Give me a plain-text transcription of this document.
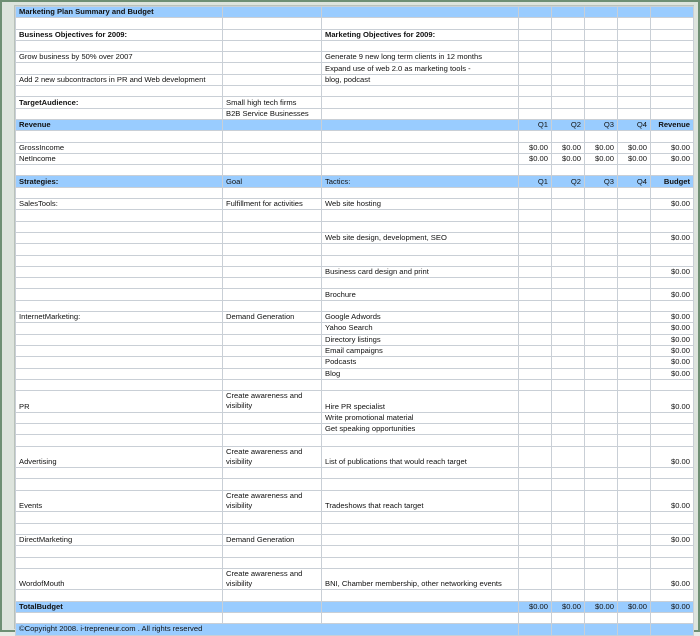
Marketing Plan Summary and Budget							

Business Objectives for 2009:		Marketing Objectives for 2009:					

Grow business by 50% over 2007		Generate 9 new long term clients in 12 months					
		Expand use of web 2.0 as marketing tools -					
Add 2 new subcontractors in PR and Web development		blog, podcast					

TargetAudience:	Small high tech firms						
	B2B Service Businesses						
Revenue			Q1	Q2	Q3	Q4	Revenue

GrossIncome			$0.00	$0.00	$0.00	$0.00	$0.00
NetIncome			$0.00	$0.00	$0.00	$0.00	$0.00

Strategies:	Goal	Tactics:	Q1	Q2	Q3	Q4	Budget

SalesTools:	Fulfillment for activities	Web site hosting					$0.00

		Web site design, development, SEO					$0.00

		Business card design and print					$0.00

		Brochure					$0.00

InternetMarketing:	Demand Generation	Google Adwords					$0.00
		Yahoo Search					$0.00
		Directory listings					$0.00
		Email campaigns					$0.00
		Podcasts					$0.00
		Blog					$0.00

PR	Create awareness and visibility	Hire PR specialist					$0.00
		Write promotional material					
		Get speaking opportunities					

Advertising	Create awareness and visibility	List of publications that would reach target					$0.00

Events	Create awareness and visibility	Tradeshows that reach target					$0.00

DirectMarketing	Demand Generation						$0.00

WordofMouth	Create awareness and visibility	BNI, Chamber membership, other networking events					$0.00

TotalBudget			$0.00	$0.00	$0.00	$0.00	$0.00

©Copyright 2008. i-trepreneur.com . All rights reserved							
